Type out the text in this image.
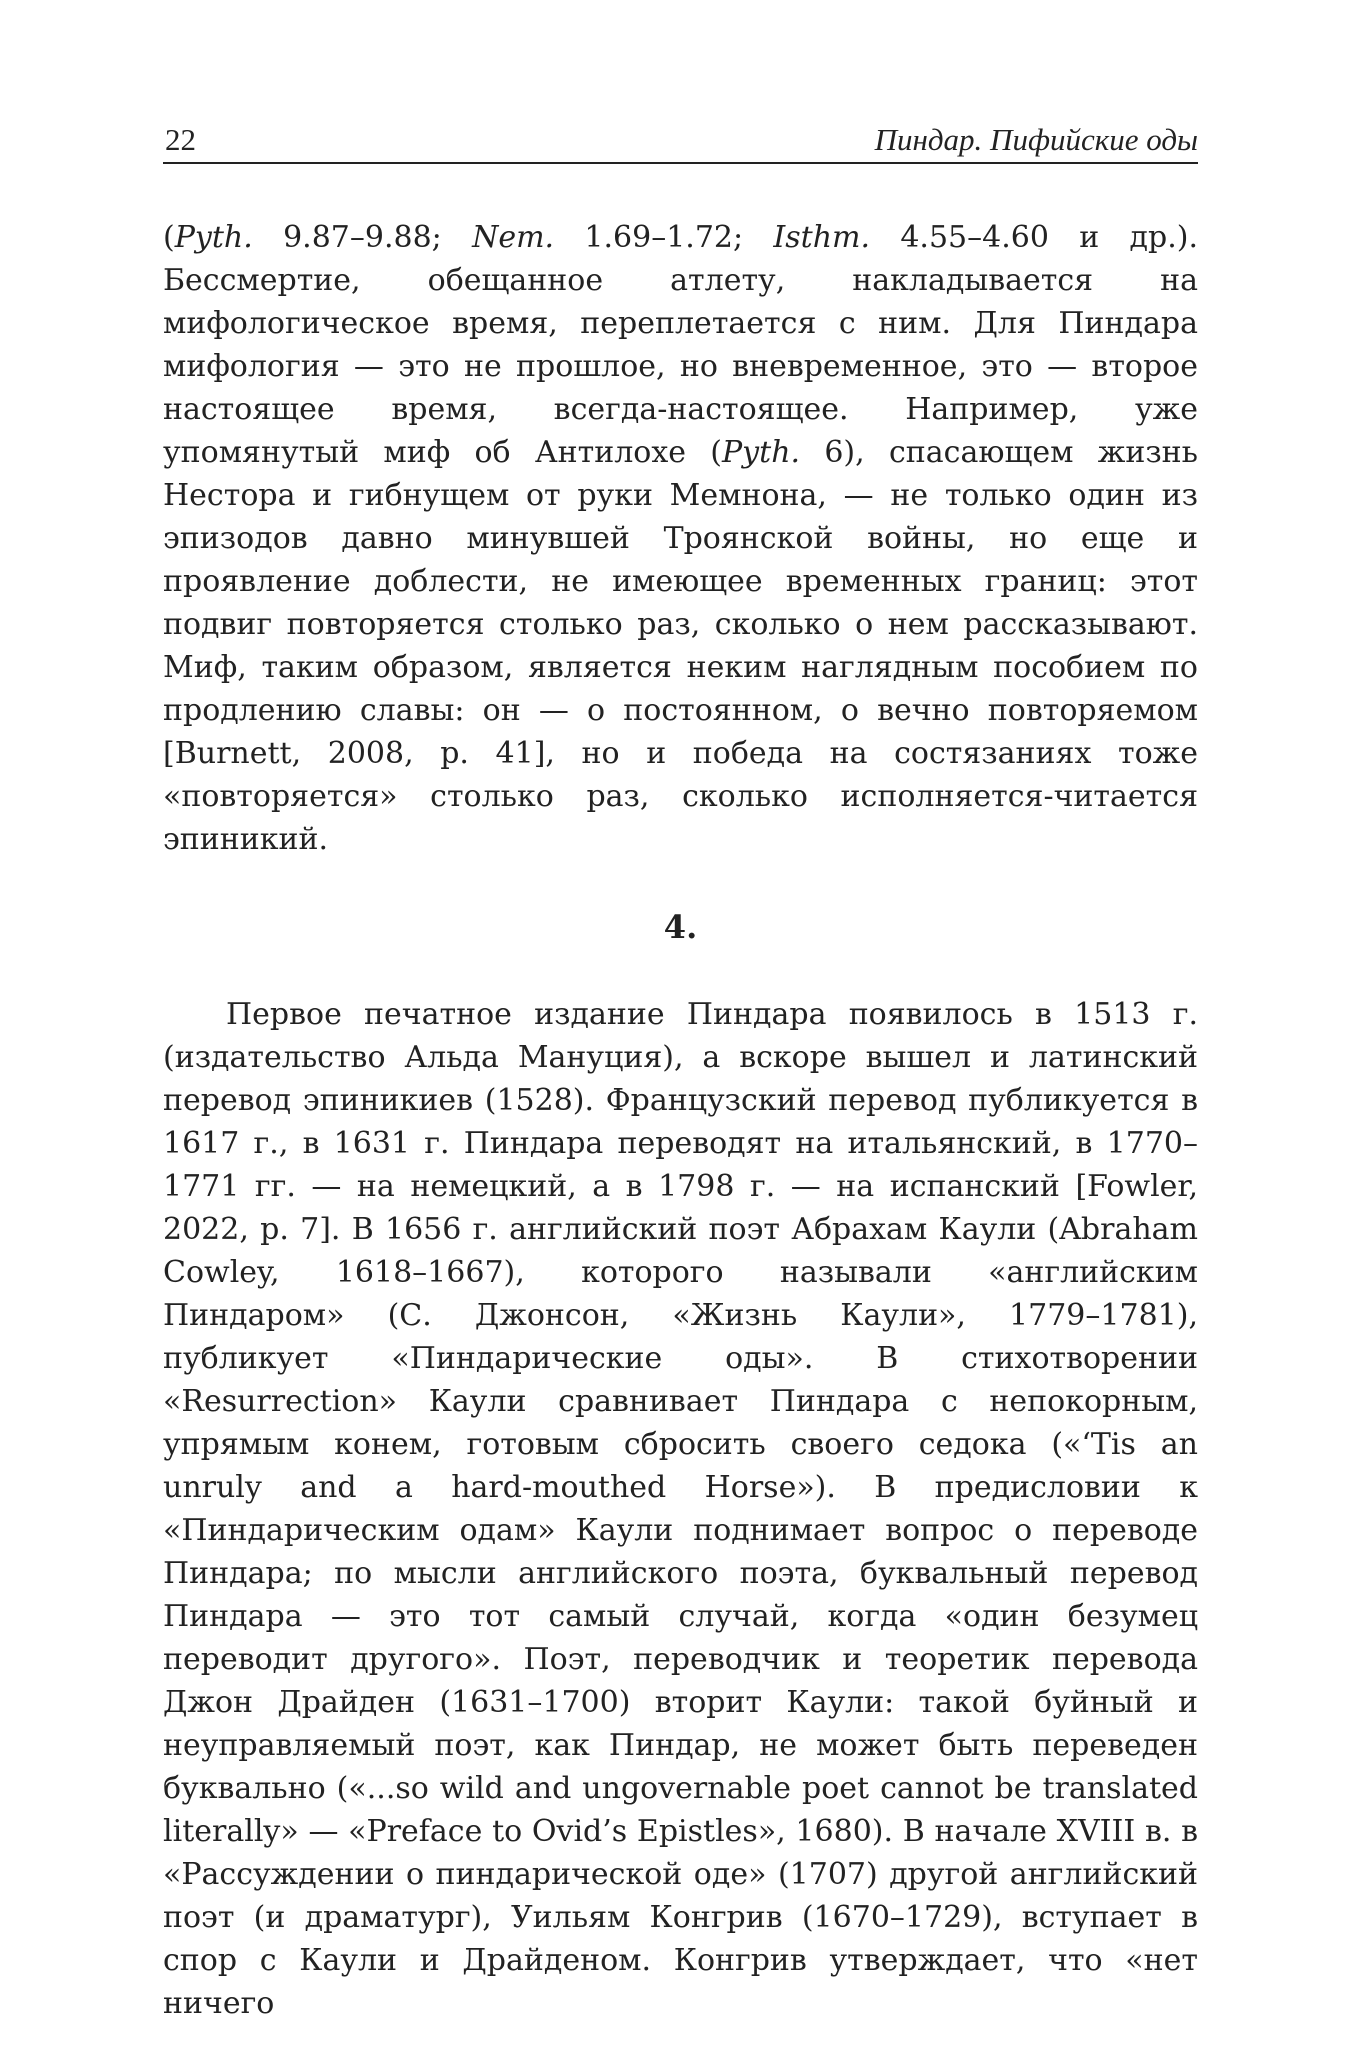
22	Пиндар. Пифийские оды

(Pyth. 9.87–9.88; Nem. 1.69–1.72; Isthm. 4.55–4.60 и др.). Бессмертие, обещанное атлету, накладывается на мифологическое время, переплетается с ним. Для Пиндара мифология — это не прошлое, но вневременное, это — второе настоящее время, всегда-настоящее. Например, уже упомянутый миф об Антилохе (Pyth. 6), спасающем жизнь Нестора и гибнущем от руки Мемнона, — не только один из эпизодов давно минувшей Троянской войны, но еще и проявление доблести, не имеющее временных границ: этот подвиг повторяется столько раз, сколько о нем рассказывают. Миф, таким образом, является неким наглядным пособием по продлению славы: он — о постоянном, о вечно повторяемом [Burnett, 2008, p. 41], но и победа на состязаниях тоже «повторяется» столько раз, сколько исполняется-читается эпиникий.

4.

Первое печатное издание Пиндара появилось в 1513 г. (издательство Альда Мануция), а вскоре вышел и латинский перевод эпиникиев (1528). Французский перевод публикуется в 1617 г., в 1631 г. Пиндара переводят на итальянский, в 1770–1771 гг. — на немецкий, а в 1798 г. — на испанский [Fowler, 2022, p. 7]. В 1656 г. английский поэт Абрахам Каули (Abraham Cowley, 1618–1667), которого называли «английским Пиндаром» (С. Джонсон, «Жизнь Каули», 1779–1781), публикует «Пиндарические оды». В стихотворении «Resurrection» Каули сравнивает Пиндара с непокорным, упрямым конем, готовым сбросить своего седока («‘Tis an unruly and a hard-mouthed Horse»). В предисловии к «Пиндарическим одам» Каули поднимает вопрос о переводе Пиндара; по мысли английского поэта, буквальный перевод Пиндара — это тот самый случай, когда «один безумец переводит другого». Поэт, переводчик и теоретик перевода Джон Драйден (1631–1700) вторит Каули: такой буйный и неуправляемый поэт, как Пиндар, не может быть переведен буквально («...so wild and ungovernable poet cannot be translated literally» — «Preface to Ovid’s Epistles», 1680). В начале XVIII в. в «Рассуждении о пиндарической оде» (1707) другой английский поэт (и драматург), Уильям Конгрив (1670–1729), вступает в спор с Каули и Драйденом. Конгрив утверждает, что «нет ничего
